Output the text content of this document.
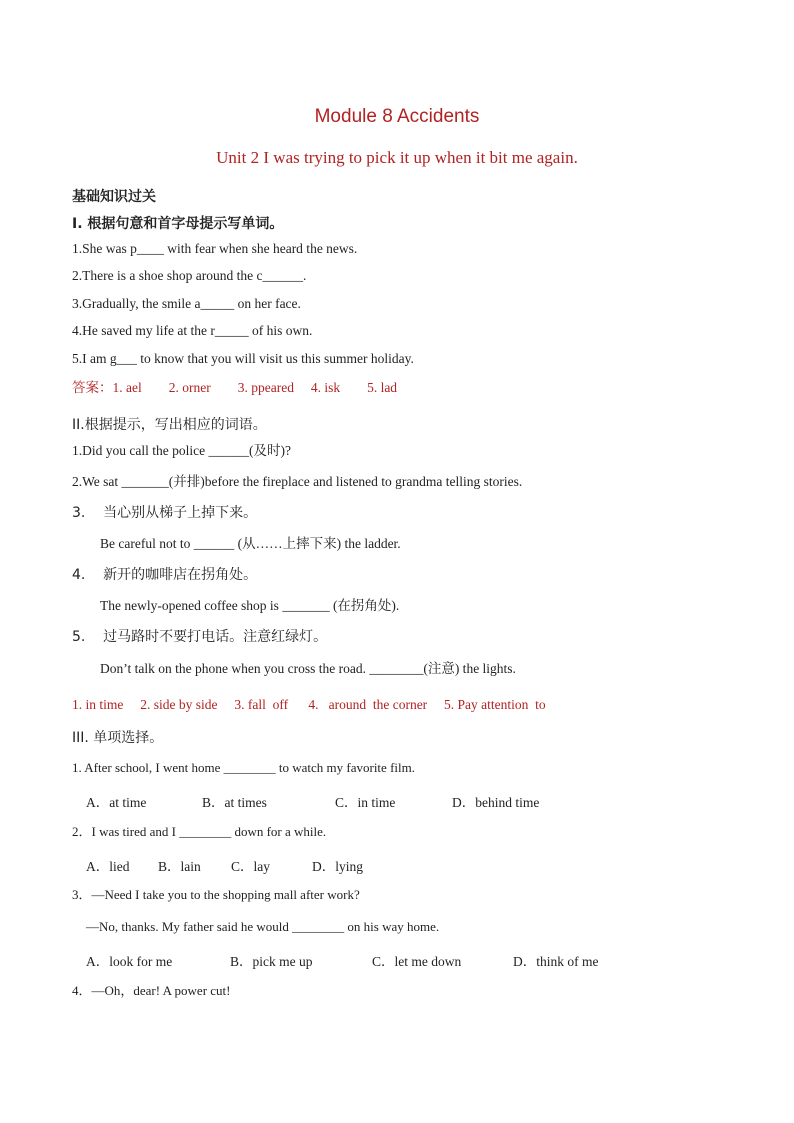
Module 8 Accidents
Unit 2 I was trying to pick it up when it bit me again.
基础知识过关
I. 根据句意和首字母提示写单词。
1.She was p____ with fear when she heard the news.
2.There is a shoe shop around the c______.
3.Gradually, the smile a_____ on her face.
4.He saved my life at the r_____ of his own.
5.I am g___ to know that you will visit us this summer holiday.
答案：1. ael        2. orner        3. ppeared     4. isk        5. lad
II.根据提示，写出相应的词语。
1.Did you call the police ______(及时)?
2.We sat _______(并排)before the fireplace and listened to grandma telling stories.
3.    当心别从梯子上掉下来。
Be careful not to ______ (从……上摔下来) the ladder.
4.    新开的咖啡店在拐角处。
The newly-opened coffee shop is _______ (在拐角处).
5.    过马路时不要打电话。注意红绿灯。
Don’t talk on the phone when you cross the road. ________(注意) the lights.
1. in time     2. side by side     3. fall  off      4.   around  the corner     5. Pay attention  to
III. 单项选择。
1. After school, I went home ________ to watch my favorite film.
A．at time	B．at times	C．in time	D．behind time
2．I was tired and I ________ down for a while.
A．lied B．lain C．lay	D．lying
3．—Need I take you to the shopping mall after work?
—No, thanks. My father said he would ________ on his way home.
A．look for me	B．pick me up	C．let me down	D．think of me
4．—Oh，dear! A power cut!
